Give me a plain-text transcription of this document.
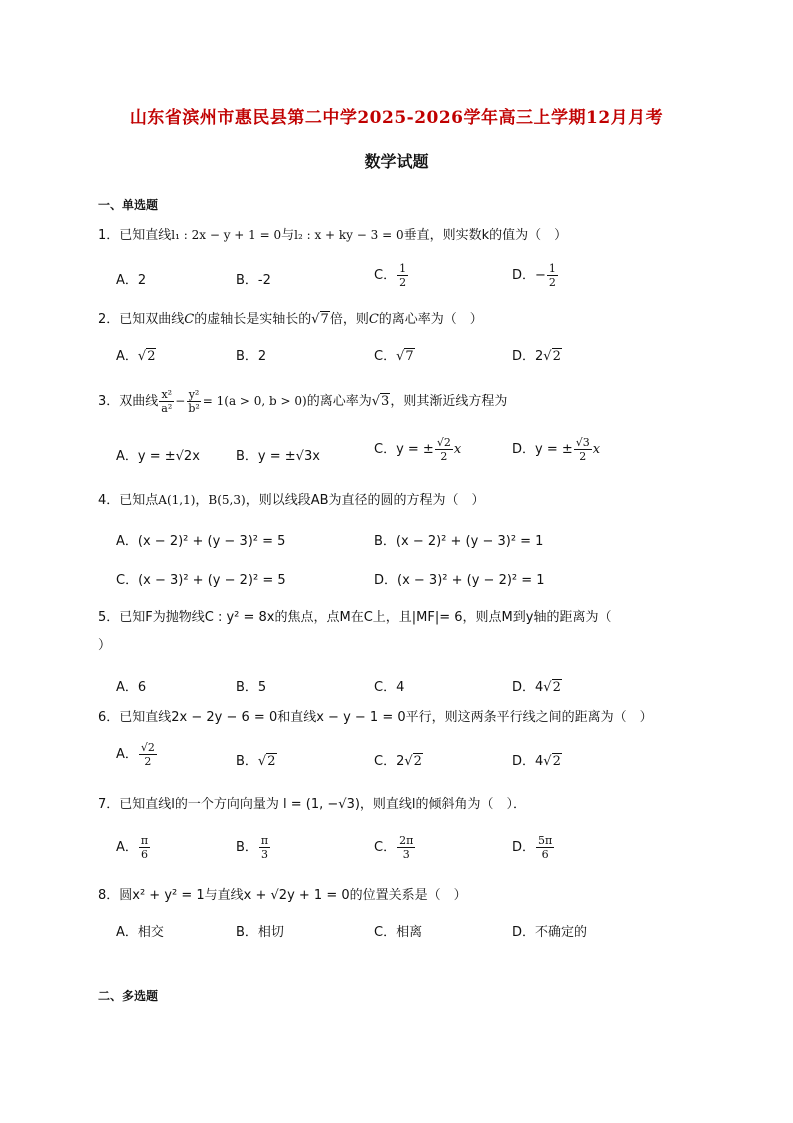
山东省滨州市惠民县第二中学2025-2026学年高三上学期12月月考
数学试题
一、单选题
1．已知直线l₁ : 2x − y + 1 = 0与l₂ : x + ky − 3 = 0垂直，则实数k的值为（　）
A．2	B．-2	C． $\frac{1}{2}$	D．− $\frac{1}{2}$
2．已知双曲线C的虚轴长是实轴长的√7倍，则C的离心率为（　）
A．√2	B．2	C．√7	D．2√2
3．双曲线 $\frac{\text{x²}}{\text{a²}} - \frac{\text{y²}}{\text{b²}} = 1(a > 0$, b > 0)的离心率为√3，则其渐近线方程为
A．y = ±√2x	B．y = ±√3x	C．y = ± $\frac{√2}{2}$ x	D．y = ± $\frac{√3}{2}$ x
4．已知点A(1,1)，B(5,3)，则以线段AB为直径的圆的方程为（　）
A．(x − 2)² + (y − 3)² = 5	B．(x − 2)² + (y − 3)² = 1
C．(x − 3)² + (y − 2)² = 5	D．(x − 3)² + (y − 2)² = 1
5．已知F为抛物线C : y² = 8x的焦点，点M在C上，且|MF|= 6，则点M到y轴的距离为（
）
A．6	B．5	C．4	D．4√2
6．已知直线2x − 2y − 6 = 0和直线x − y − 1 = 0平行，则这两条平行线之间的距离为（　）
A． $\frac{√2}{2}$	B．√2	C．2√2	D．4√2
7．已知直线l的一个方向向量为 l = (1, −√3)，则直线l的倾斜角为（　）．
A． $\frac{\pi}{6}$	B． $\frac{\pi}{3}$	C． $\frac{2\pi}{3}$	D． $\frac{5\pi}{6}$
8．圆x² + y² = 1与直线x + √2y + 1 = 0的位置关系是（　）
A．相交	B．相切	C．相离	D．不确定的
二、多选题
